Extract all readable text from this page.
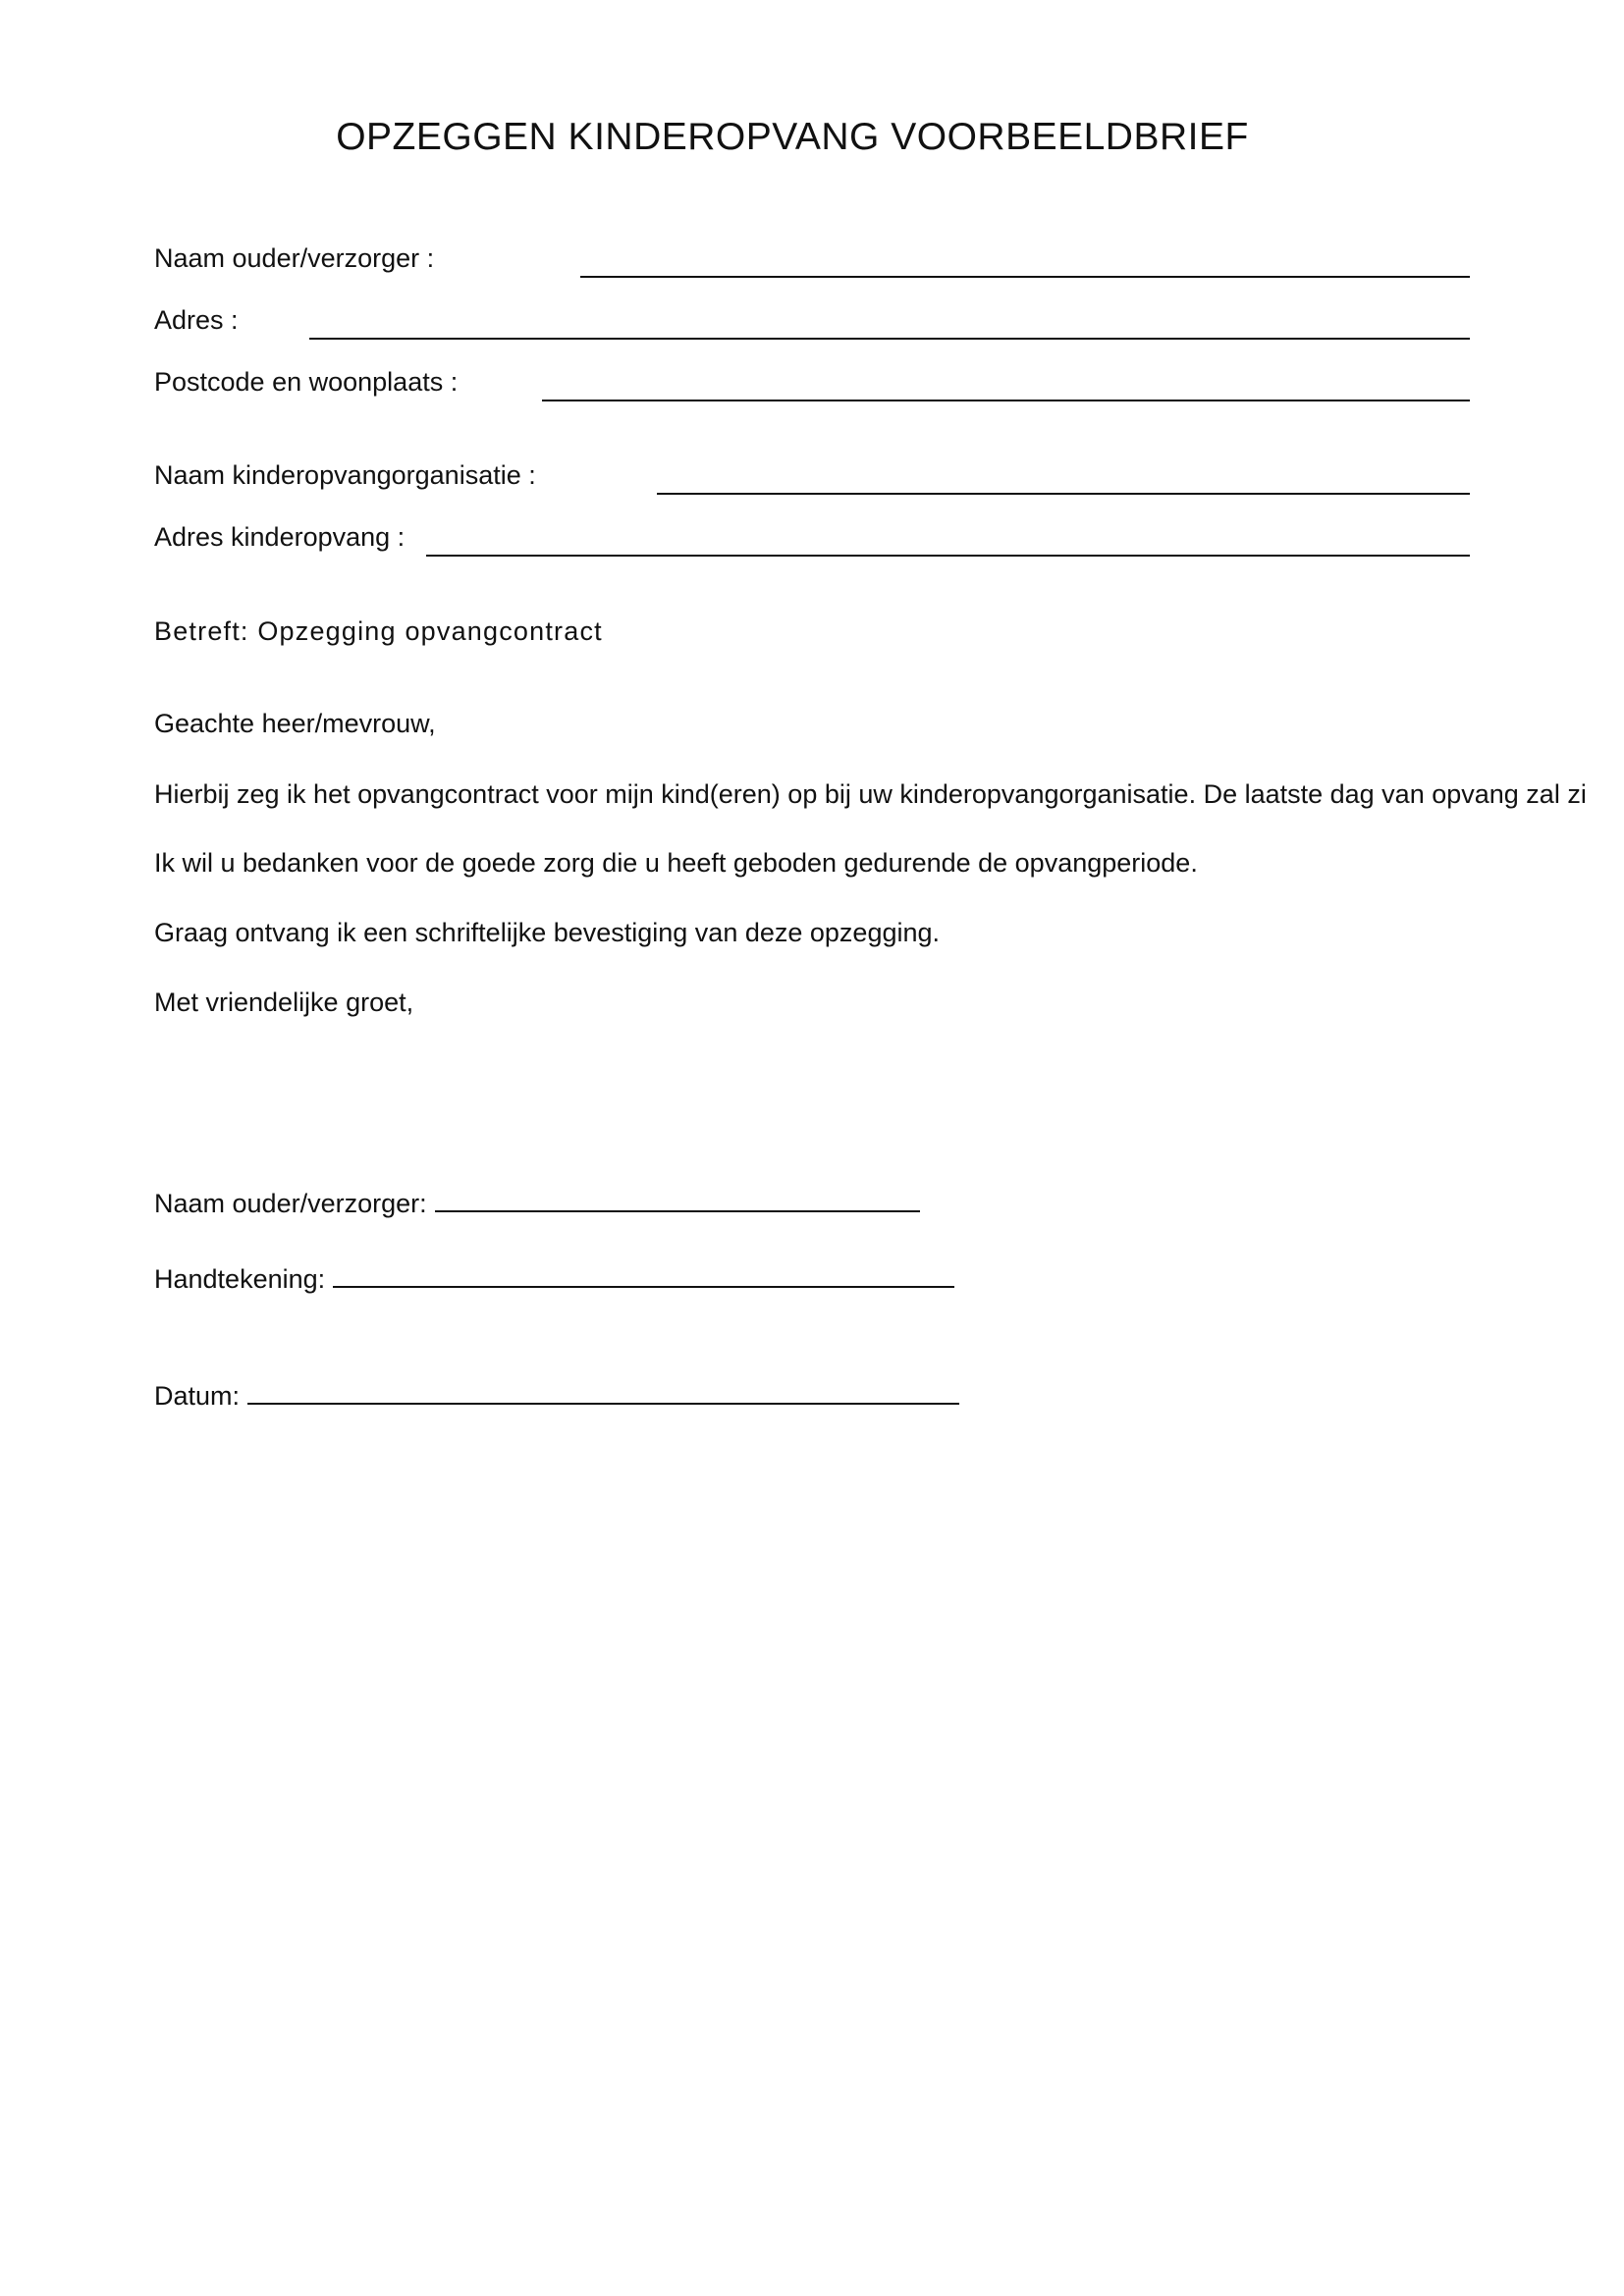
OPZEGGEN KINDEROPVANG VOORBEELDBRIEF
Naam ouder/verzorger :
Adres :
Postcode en woonplaats :
Naam kinderopvangorganisatie :
Adres kinderopvang :
Betreft: Opzegging opvangcontract
Geachte heer/mevrouw,
Hierbij zeg ik het opvangcontract voor mijn kind(eren) op bij uw kinderopvangorganisatie. De laatste dag van opvang zal zi
Ik wil u bedanken voor de goede zorg die u heeft geboden gedurende de opvangperiode.
Graag ontvang ik een schriftelijke bevestiging van deze opzegging.
Met vriendelijke groet,
Naam ouder/verzorger:
Handtekening:
Datum:
